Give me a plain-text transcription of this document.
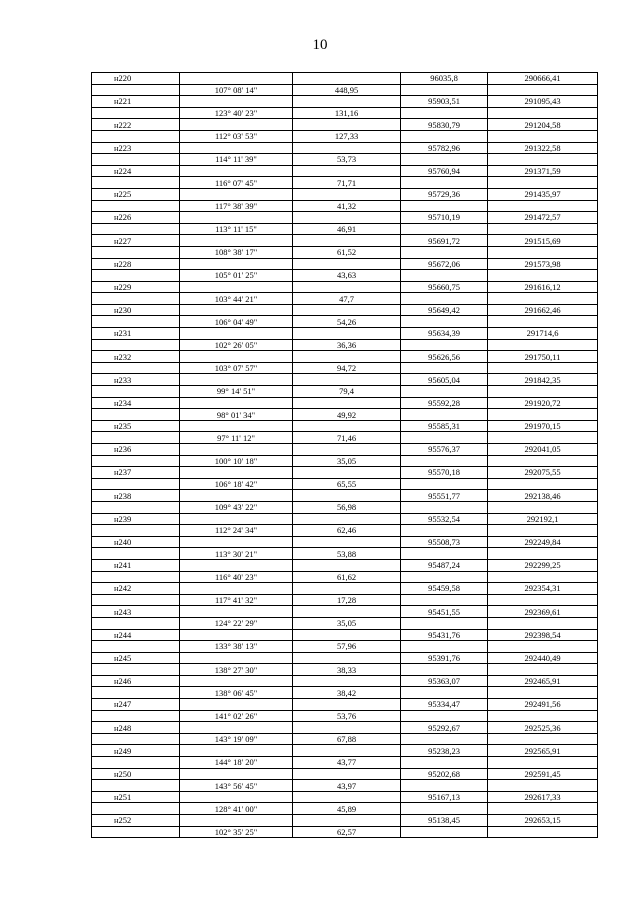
10
н220			96035,8	290666,41
	107° 08' 14"	448,95		
н221			95903,51	291095,43
	123° 40' 23"	131,16		
н222			95830,79	291204,58
	112° 03' 53"	127,33		
н223			95782,96	291322,58
	114° 11' 39"	53,73		
н224			95760,94	291371,59
	116° 07' 45"	71,71		
н225			95729,36	291435,97
	117° 38' 39"	41,32		
н226			95710,19	291472,57
	113° 11' 15"	46,91		
н227			95691,72	291515,69
	108° 38' 17"	61,52		
н228			95672,06	291573,98
	105° 01' 25"	43,63		
н229			95660,75	291616,12
	103° 44' 21"	47,7		
н230			95649,42	291662,46
	106° 04' 49"	54,26		
н231			95634,39	291714,6
	102° 26' 05"	36,36		
н232			95626,56	291750,11
	103° 07' 57"	94,72		
н233			95605,04	291842,35
	99° 14' 51"	79,4		
н234			95592,28	291920,72
	98° 01' 34"	49,92		
н235			95585,31	291970,15
	97° 11' 12"	71,46		
н236			95576,37	292041,05
	100° 10' 18"	35,05		
н237			95570,18	292075,55
	106° 18' 42"	65,55		
н238			95551,77	292138,46
	109° 43' 22"	56,98		
н239			95532,54	292192,1
	112° 24' 34"	62,46		
н240			95508,73	292249,84
	113° 30' 21"	53,88		
н241			95487,24	292299,25
	116° 40' 23"	61,62		
н242			95459,58	292354,31
	117° 41' 32"	17,28		
н243			95451,55	292369,61
	124° 22' 29"	35,05		
н244			95431,76	292398,54
	133° 38' 13"	57,96		
н245			95391,76	292440,49
	138° 27' 30"	38,33		
н246			95363,07	292465,91
	138° 06' 45"	38,42		
н247			95334,47	292491,56
	141° 02' 26"	53,76		
н248			95292,67	292525,36
	143° 19' 09"	67,88		
н249			95238,23	292565,91
	144° 18' 20"	43,77		
н250			95202,68	292591,45
	143° 56' 45"	43,97		
н251			95167,13	292617,33
	128° 41' 00"	45,89		
н252			95138,45	292653,15
	102° 35' 25"	62,57		
